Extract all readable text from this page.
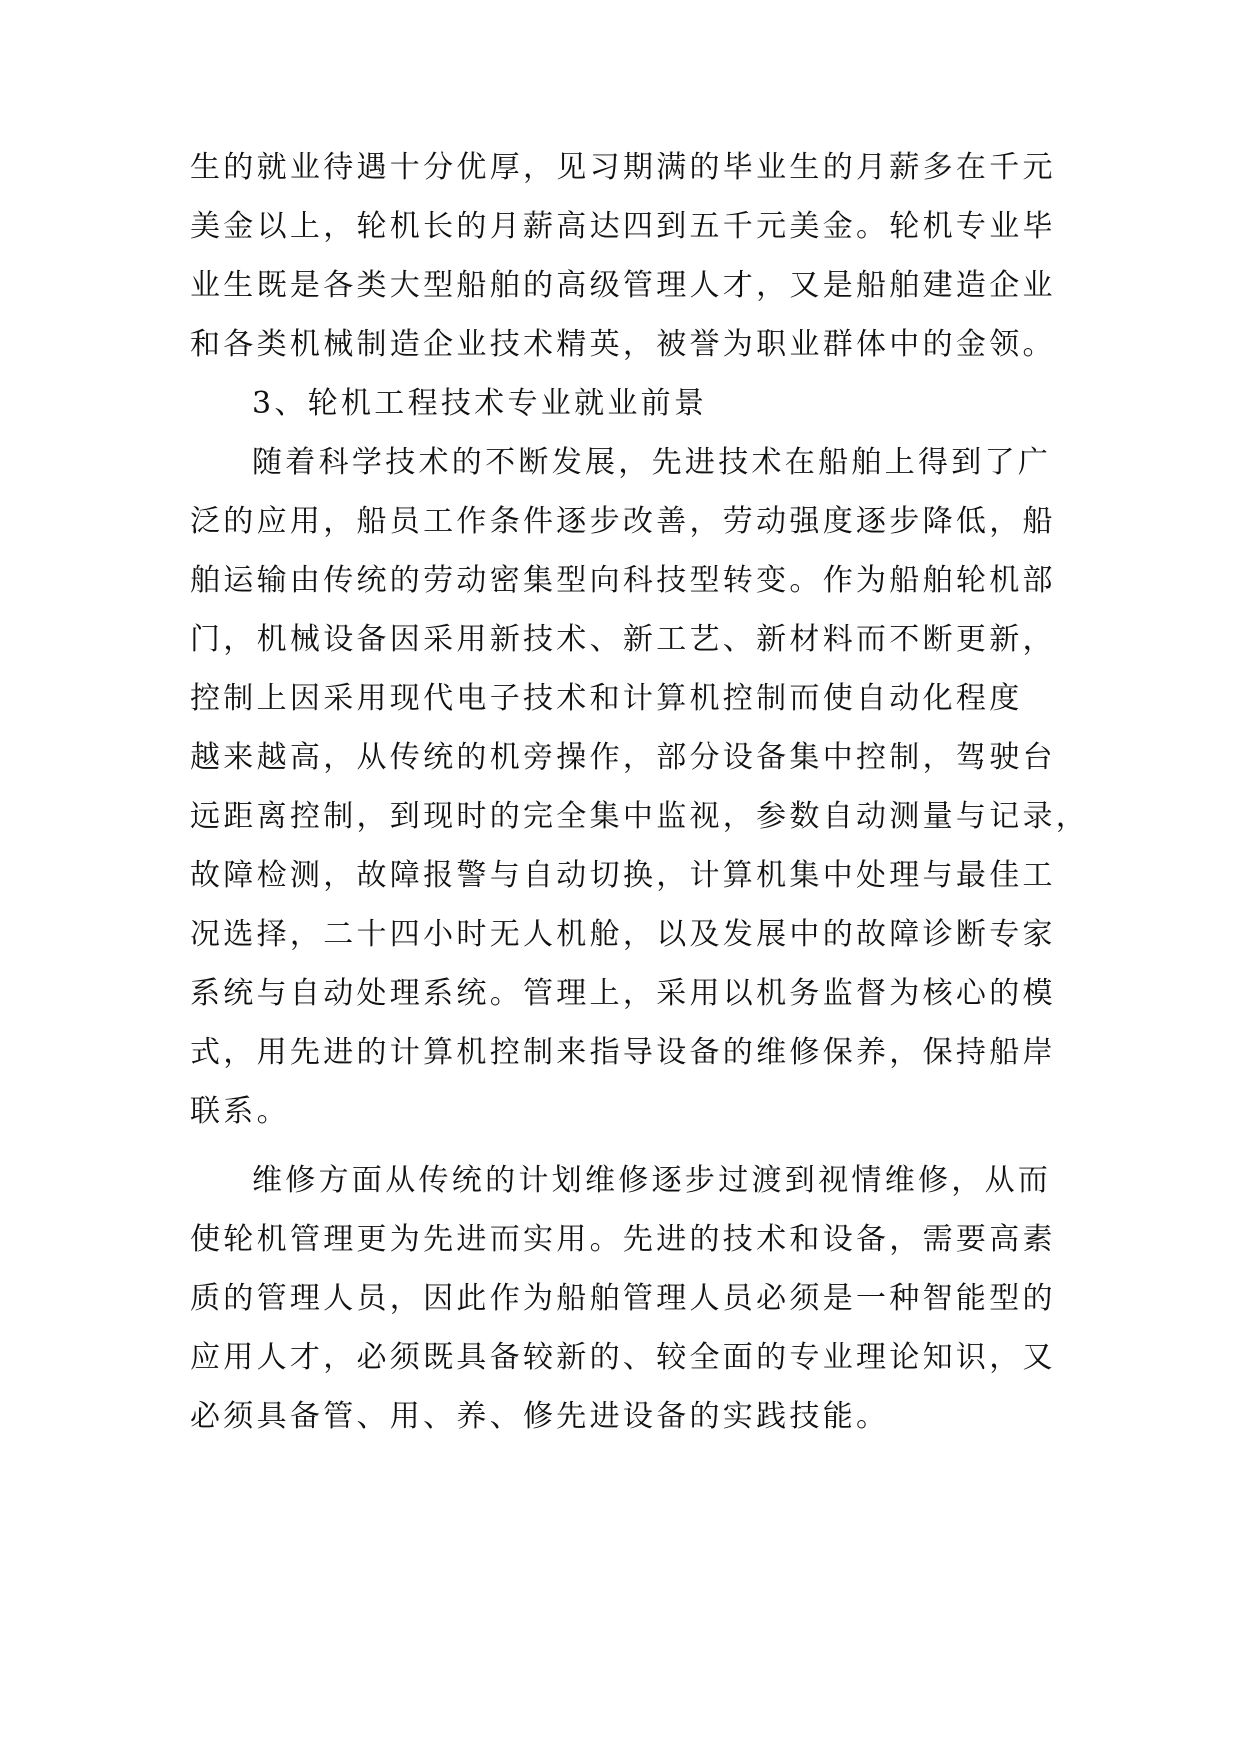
生的就业待遇十分优厚，见习期满的毕业生的月薪多在千元
美金以上，轮机长的月薪高达四到五千元美金。轮机专业毕
业生既是各类大型船舶的高级管理人才，又是船舶建造企业
和各类机械制造企业技术精英，被誉为职业群体中的金领。
3、轮机工程技术专业就业前景
随着科学技术的不断发展，先进技术在船舶上得到了广
泛的应用，船员工作条件逐步改善，劳动强度逐步降低，船
舶运输由传统的劳动密集型向科技型转变。作为船舶轮机部
门，机械设备因采用新技术、新工艺、新材料而不断更新，
控制上因采用现代电子技术和计算机控制而使自动化程度
越来越高，从传统的机旁操作，部分设备集中控制，驾驶台
远距离控制，到现时的完全集中监视，参数自动测量与记录，
故障检测，故障报警与自动切换，计算机集中处理与最佳工
况选择，二十四小时无人机舱，以及发展中的故障诊断专家
系统与自动处理系统。管理上，采用以机务监督为核心的模
式，用先进的计算机控制来指导设备的维修保养，保持船岸
联系。
维修方面从传统的计划维修逐步过渡到视情维修，从而
使轮机管理更为先进而实用。先进的技术和设备，需要高素
质的管理人员，因此作为船舶管理人员必须是一种智能型的
应用人才，必须既具备较新的、较全面的专业理论知识，又
必须具备管、用、养、修先进设备的实践技能。
